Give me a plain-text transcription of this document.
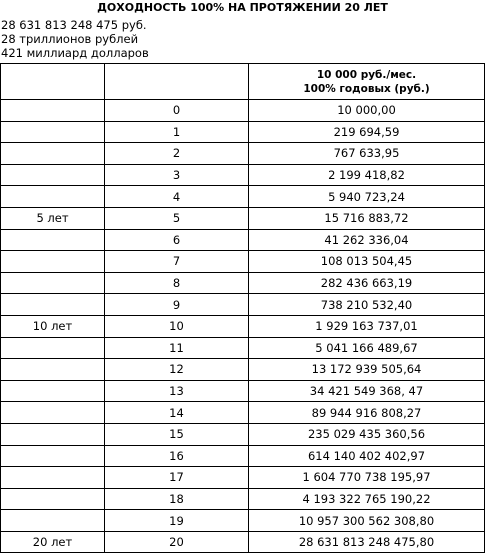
ДОХОДНОСТЬ 100% НА ПРОТЯЖЕНИИ 20 ЛЕТ
28 631 813 248 475 руб.
28 триллионов рублей
421 миллиард долларов

		10 000 руб./мес.
100% годовых (руб.)

	0	10 000,00
	1	219 694,59
	2	767 633,95
	3	2 199 418,82
	4	5 940 723,24
5 лет	5	15 716 883,72
	6	41 262 336,04
	7	108 013 504,45
	8	282 436 663,19
	9	738 210 532,40
10 лет	10	1 929 163 737,01
	11	5 041 166 489,67
	12	13 172 939 505,64
	13	34 421 549 368, 47
	14	89 944 916 808,27
	15	235 029 435 360,56
	16	614 140 402 402,97
	17	1 604 770 738 195,97
	18	4 193 322 765 190,22
	19	10 957 300 562 308,80
20 лет	20	28 631 813 248 475,80
